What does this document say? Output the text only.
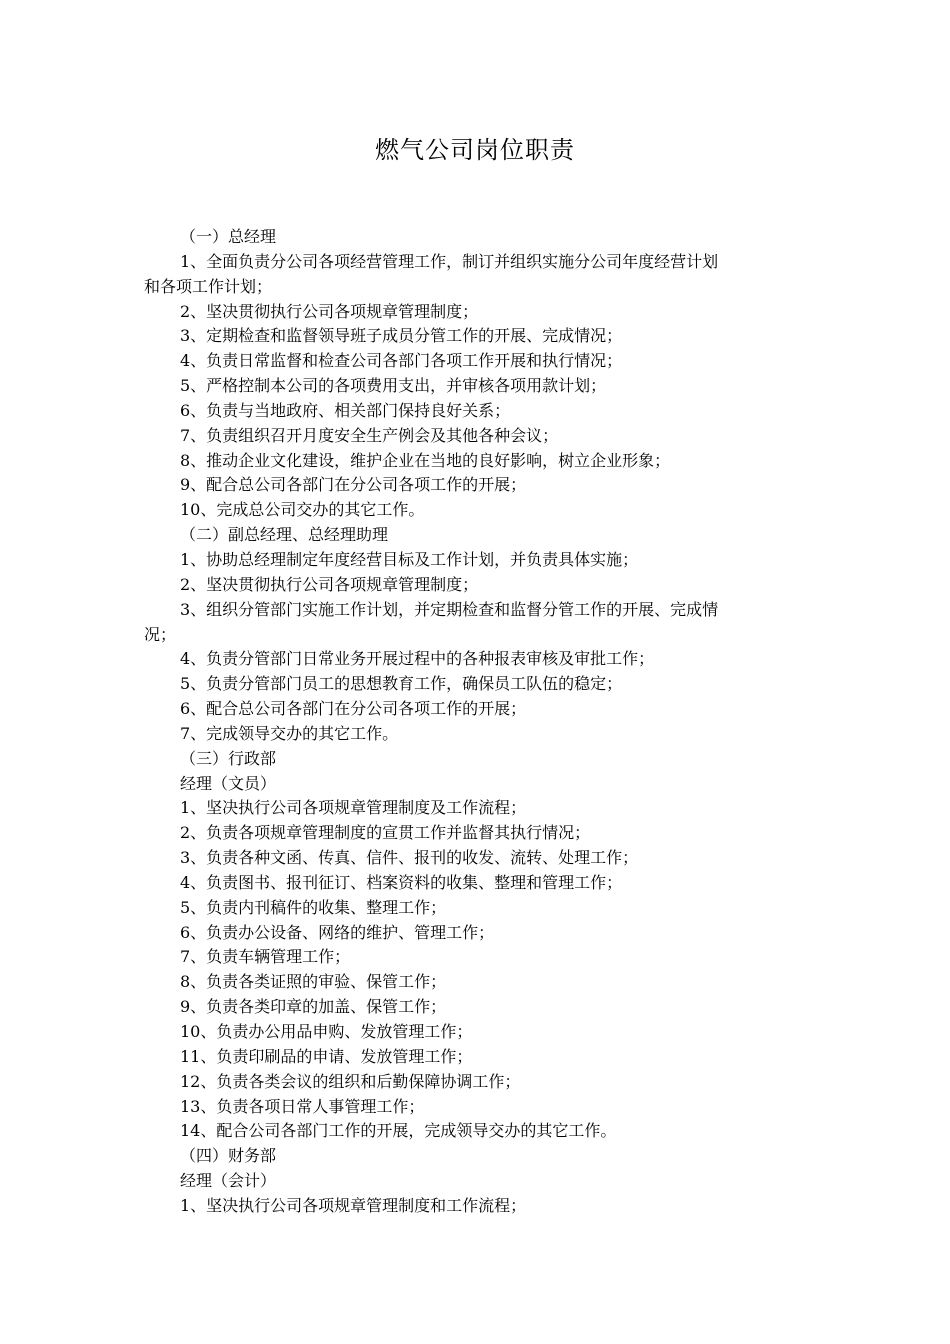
燃气公司岗位职责
（一）总经理
1、全面负责分公司各项经营管理工作，制订并组织实施分公司年度经营计划
和各项工作计划；
2、坚决贯彻执行公司各项规章管理制度；
3、定期检查和监督领导班子成员分管工作的开展、完成情况；
4、负责日常监督和检查公司各部门各项工作开展和执行情况；
5、严格控制本公司的各项费用支出，并审核各项用款计划；
6、负责与当地政府、相关部门保持良好关系；
7、负责组织召开月度安全生产例会及其他各种会议；
8、推动企业文化建设，维护企业在当地的良好影响，树立企业形象；
9、配合总公司各部门在分公司各项工作的开展；
10、完成总公司交办的其它工作。
（二）副总经理、总经理助理
1、协助总经理制定年度经营目标及工作计划，并负责具体实施；
2、坚决贯彻执行公司各项规章管理制度；
3、组织分管部门实施工作计划，并定期检查和监督分管工作的开展、完成情
况；
4、负责分管部门日常业务开展过程中的各种报表审核及审批工作；
5、负责分管部门员工的思想教育工作，确保员工队伍的稳定；
6、配合总公司各部门在分公司各项工作的开展；
7、完成领导交办的其它工作。
（三）行政部
经理（文员）
1、坚决执行公司各项规章管理制度及工作流程；
2、负责各项规章管理制度的宣贯工作并监督其执行情况；
3、负责各种文函、传真、信件、报刊的收发、流转、处理工作；
4、负责图书、报刊征订、档案资料的收集、整理和管理工作；
5、负责内刊稿件的收集、整理工作；
6、负责办公设备、网络的维护、管理工作；
7、负责车辆管理工作；
8、负责各类证照的审验、保管工作；
9、负责各类印章的加盖、保管工作；
10、负责办公用品申购、发放管理工作；
11、负责印刷品的申请、发放管理工作；
12、负责各类会议的组织和后勤保障协调工作；
13、负责各项日常人事管理工作；
14、配合公司各部门工作的开展，完成领导交办的其它工作。
（四）财务部
经理（会计）
1、坚决执行公司各项规章管理制度和工作流程；
